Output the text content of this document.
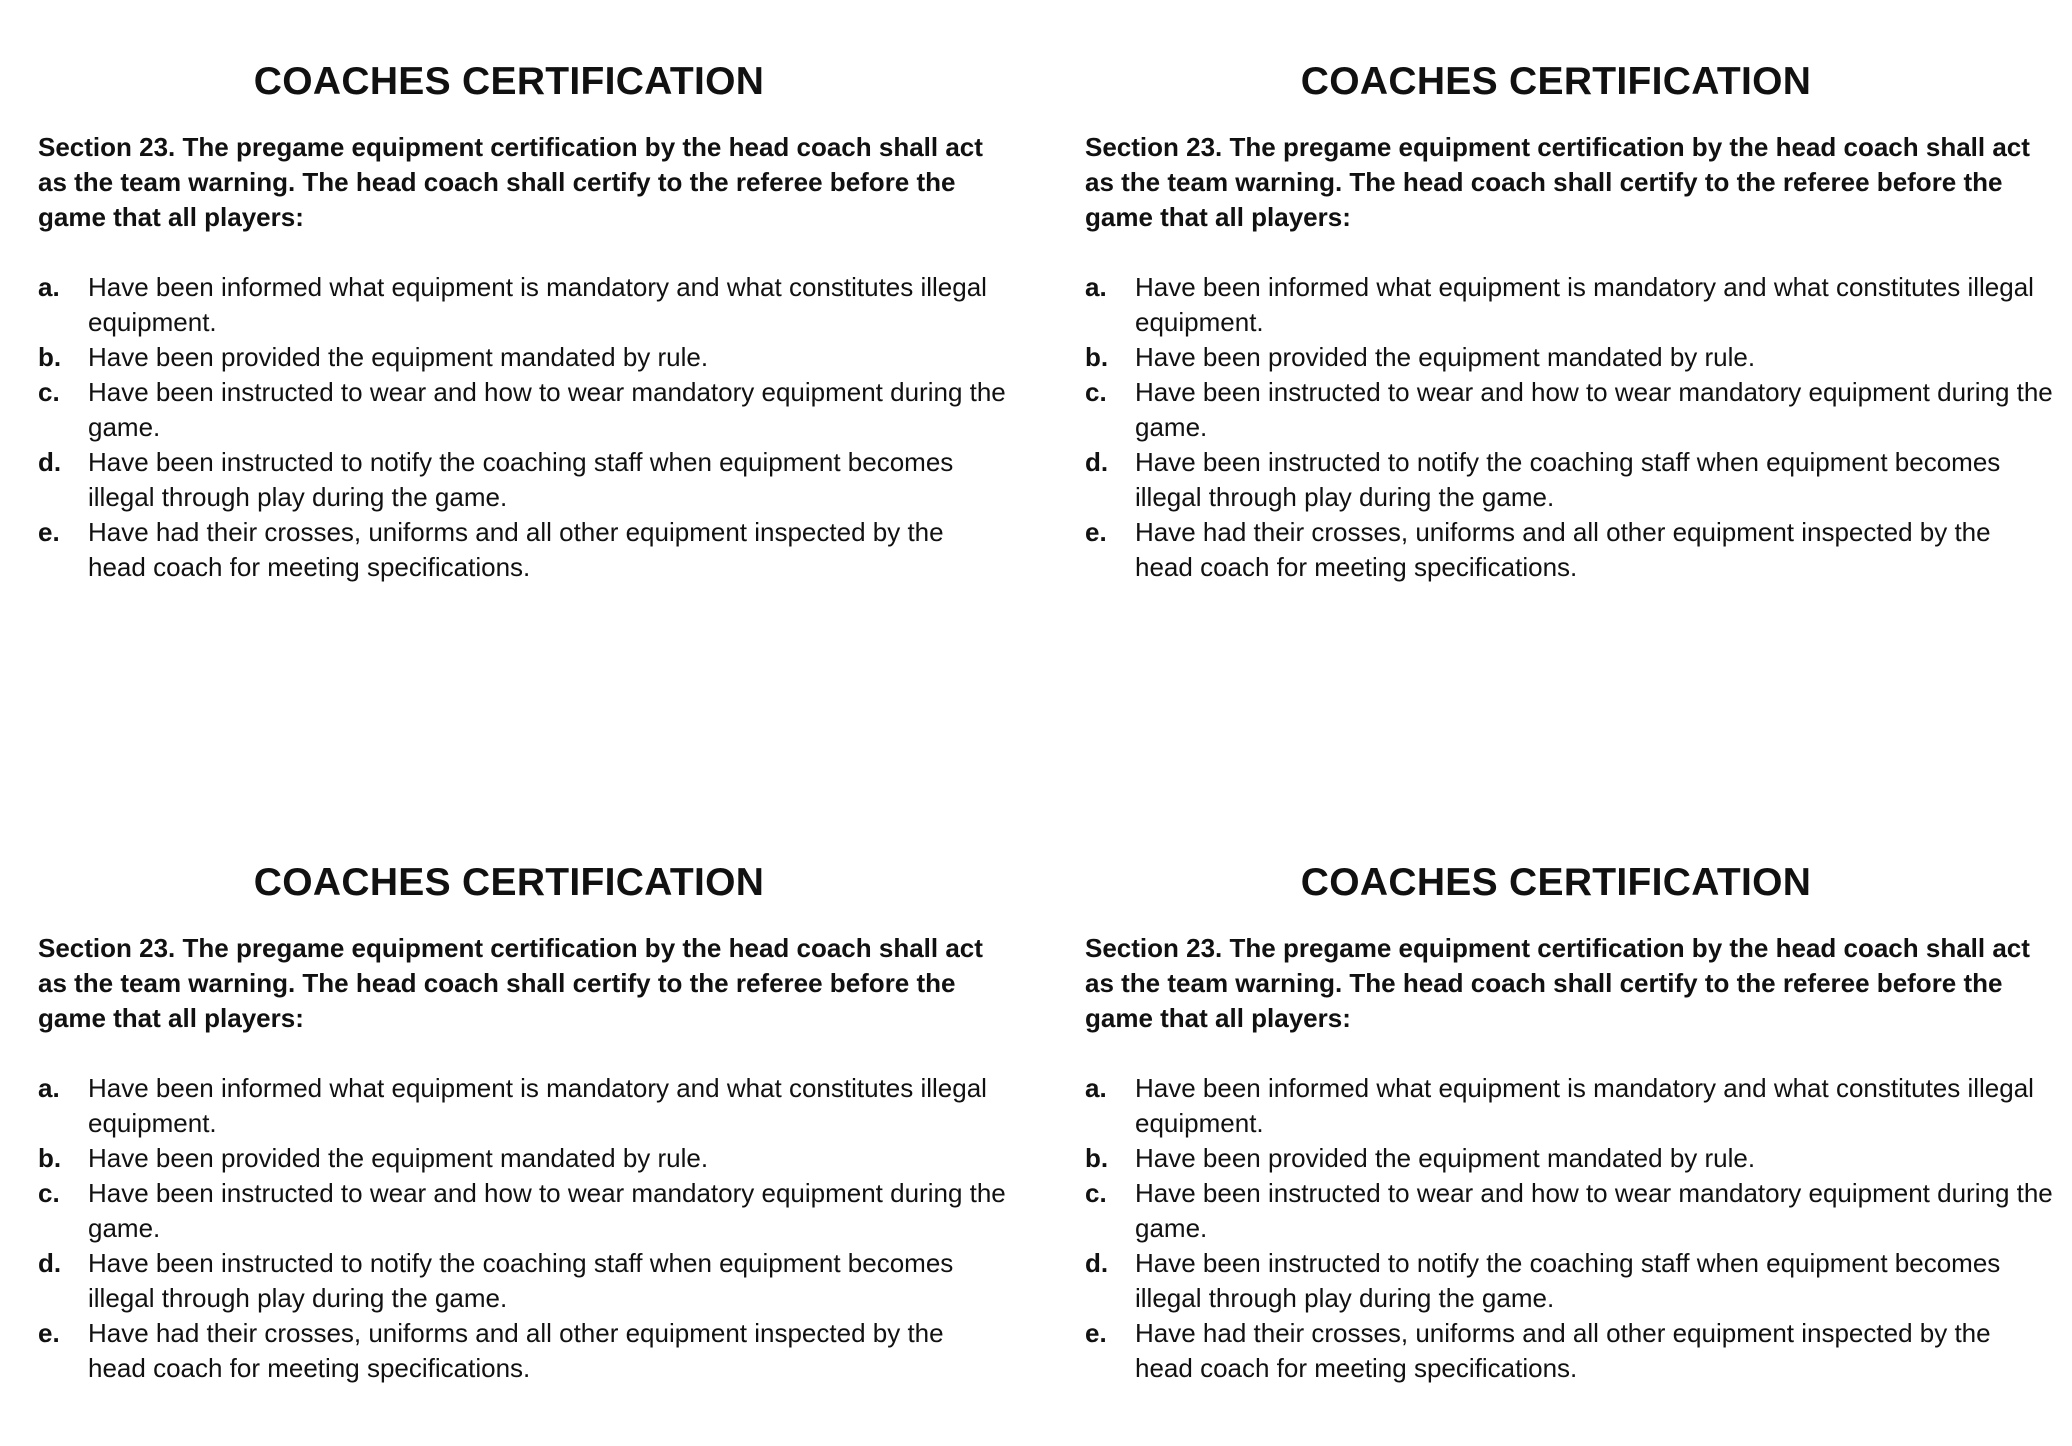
COACHES CERTIFICATION

Section 23. The pregame equipment certification by the head coach shall act as the team warning. The head coach shall certify to the referee before the game that all players:

a.	Have been informed what equipment is mandatory and what constitutes illegal equipment.
b.	Have been provided the equipment mandated by rule.
c.	Have been instructed to wear and how to wear mandatory equipment during the game.
d.	Have been instructed to notify the coaching staff when equipment becomes illegal through play during the game.
e.	Have had their crosses, uniforms and all other equipment inspected by the head coach for meeting specifications.
COACHES CERTIFICATION

Section 23. The pregame equipment certification by the head coach shall act as the team warning. The head coach shall certify to the referee before the game that all players:

a.	Have been informed what equipment is mandatory and what constitutes illegal equipment.
b.	Have been provided the equipment mandated by rule.
c.	Have been instructed to wear and how to wear mandatory equipment during the game.
d.	Have been instructed to notify the coaching staff when equipment becomes illegal through play during the game.
e.	Have had their crosses, uniforms and all other equipment inspected by the head coach for meeting specifications.
COACHES CERTIFICATION

Section 23. The pregame equipment certification by the head coach shall act as the team warning. The head coach shall certify to the referee before the game that all players:

a.	Have been informed what equipment is mandatory and what constitutes illegal equipment.
b.	Have been provided the equipment mandated by rule.
c.	Have been instructed to wear and how to wear mandatory equipment during the game.
d.	Have been instructed to notify the coaching staff when equipment becomes illegal through play during the game.
e.	Have had their crosses, uniforms and all other equipment inspected by the head coach for meeting specifications.
COACHES CERTIFICATION

Section 23. The pregame equipment certification by the head coach shall act as the team warning. The head coach shall certify to the referee before the game that all players:

a.	Have been informed what equipment is mandatory and what constitutes illegal equipment.
b.	Have been provided the equipment mandated by rule.
c.	Have been instructed to wear and how to wear mandatory equipment during the game.
d.	Have been instructed to notify the coaching staff when equipment becomes illegal through play during the game.
e.	Have had their crosses, uniforms and all other equipment inspected by the head coach for meeting specifications.
